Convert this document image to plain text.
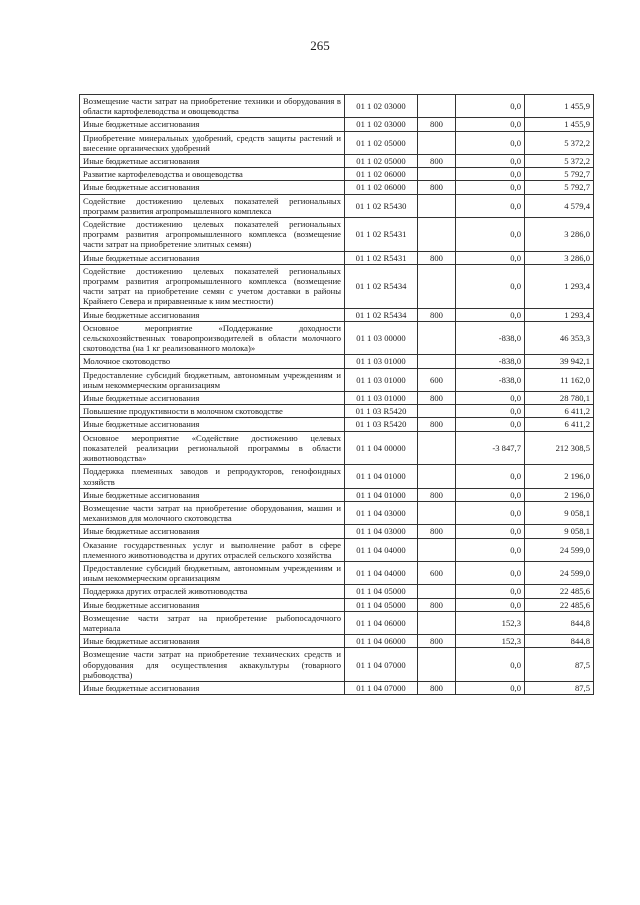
265
Возмещение части затрат на приобретение техники и оборудования в области картофелеводства и овощеводства	01 1 02 03000		0,0	1 455,9
Иные бюджетные ассигнования	01 1 02 03000	800	0,0	1 455,9
Приобретение минеральных удобрений, средств защиты растений и внесение органических удобрений	01 1 02 05000		0,0	5 372,2
Иные бюджетные ассигнования	01 1 02 05000	800	0,0	5 372,2
Развитие картофелеводства и овощеводства	01 1 02 06000		0,0	5 792,7
Иные бюджетные ассигнования	01 1 02 06000	800	0,0	5 792,7
Содействие достижению целевых показателей региональных программ развития агропромышленного комплекса	01 1 02 R5430		0,0	4 579,4
Содействие достижению целевых показателей региональных программ развития агропромышленного комплекса (возмещение части затрат на приобретение элитных семян)	01 1 02 R5431		0,0	3 286,0
Иные бюджетные ассигнования	01 1 02 R5431	800	0,0	3 286,0
Содействие достижению целевых показателей региональных программ развития агропромышленного комплекса (возмещение части затрат на приобретение семян с учетом доставки в районы Крайнего Севера и приравненные к ним местности)	01 1 02 R5434		0,0	1 293,4
Иные бюджетные ассигнования	01 1 02 R5434	800	0,0	1 293,4
Основное мероприятие «Поддержание доходности сельскохозяйственных товаропроизводителей в области молочного скотоводства (на 1 кг реализованного молока)»	01 1 03 00000		-838,0	46 353,3
Молочное скотоводство	01 1 03 01000		-838,0	39 942,1
Предоставление субсидий бюджетным, автономным учреждениям и иным некоммерческим организациям	01 1 03 01000	600	-838,0	11 162,0
Иные бюджетные ассигнования	01 1 03 01000	800	0,0	28 780,1
Повышение продуктивности в молочном скотоводстве	01 1 03 R5420		0,0	6 411,2
Иные бюджетные ассигнования	01 1 03 R5420	800	0,0	6 411,2
Основное мероприятие «Содействие достижению целевых показателей реализации региональной программы в области животноводства»	01 1 04 00000		-3 847,7	212 308,5
Поддержка племенных заводов и репродукторов, генофондных хозяйств	01 1 04 01000		0,0	2 196,0
Иные бюджетные ассигнования	01 1 04 01000	800	0,0	2 196,0
Возмещение части затрат на приобретение оборудования, машин и механизмов для молочного скотоводства	01 1 04 03000		0,0	9 058,1
Иные бюджетные ассигнования	01 1 04 03000	800	0,0	9 058,1
Оказание государственных услуг и выполнение работ в сфере племенного животноводства и других отраслей сельского хозяйства	01 1 04 04000		0,0	24 599,0
Предоставление субсидий бюджетным, автономным учреждениям и иным некоммерческим организациям	01 1 04 04000	600	0,0	24 599,0
Поддержка других отраслей животноводства	01 1 04 05000		0,0	22 485,6
Иные бюджетные ассигнования	01 1 04 05000	800	0,0	22 485,6
Возмещение части затрат на приобретение рыбопосадочного материала	01 1 04 06000		152,3	844,8
Иные бюджетные ассигнования	01 1 04 06000	800	152,3	844,8
Возмещение части затрат на приобретение технических средств и оборудования для осуществления аквакультуры (товарного рыбоводства)	01 1 04 07000		0,0	87,5
Иные бюджетные ассигнования	01 1 04 07000	800	0,0	87,5
